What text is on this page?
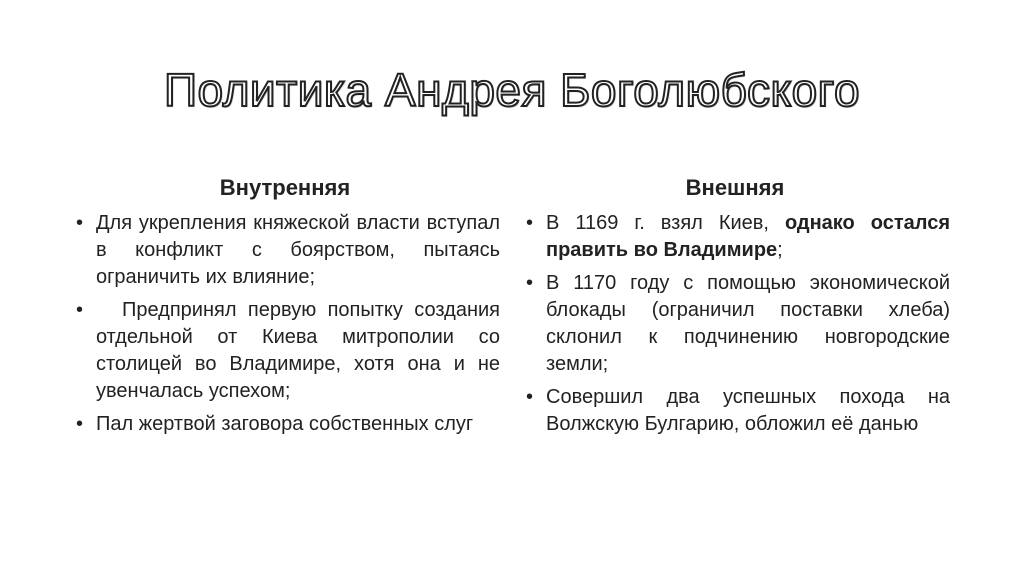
Политика Андрея Боголюбского
Внутренняя
• Для укрепления княжеской власти вступал в конфликт с боярством, пытаясь ограничить их влияние;
• Предпринял первую попытку создания отдельной от Киева митрополии со столицей во Владимире, хотя она и не увенчалась успехом;
• Пал жертвой заговора собственных слуг
Внешняя
• В 1169 г. взял Киев, однако остался править во Владимире;
• В 1170 году с помощью экономической блокады (ограничил поставки хлеба) склонил к подчинению новгородские земли;
• Совершил два успешных похода на Волжскую Булгарию, обложил её данью
